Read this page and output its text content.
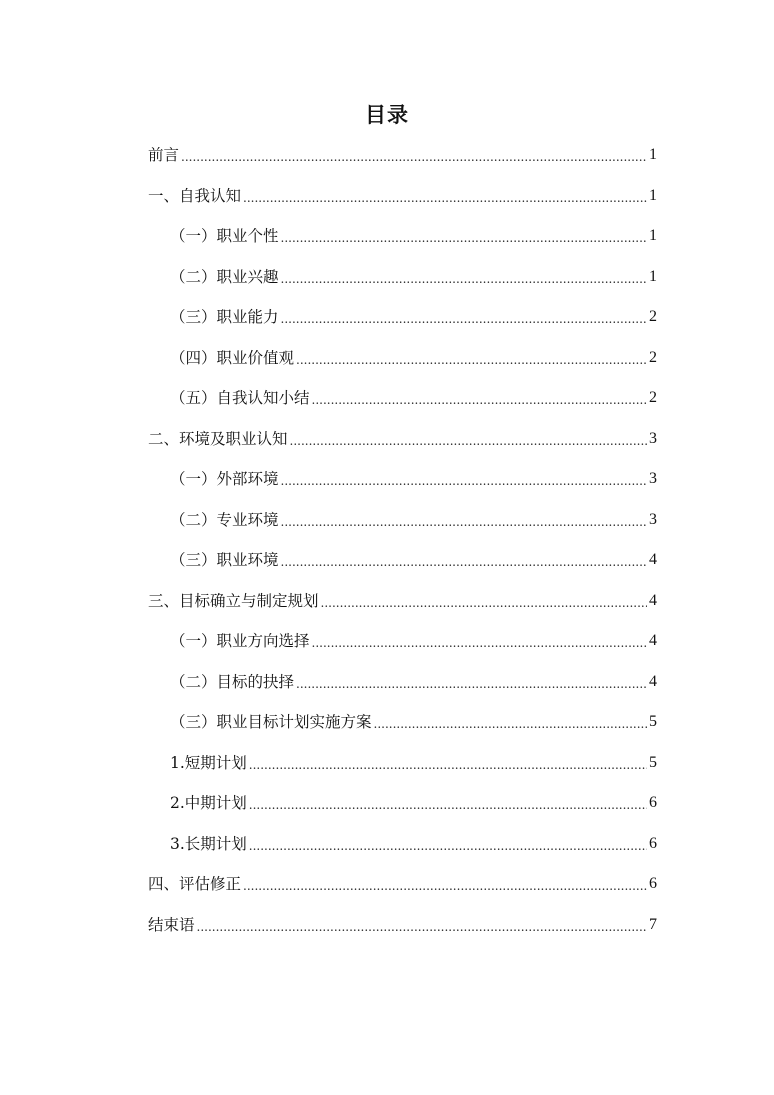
目录
前言 .....	1
一、自我认知 .....	1
（一）职业个性 .....	1
（二）职业兴趣 .....	1
（三）职业能力 .....	2
（四）职业价值观 .....	2
（五）自我认知小结 .....	2
二、环境及职业认知 .....	3
（一）外部环境 .....	3
（二）专业环境 .....	3
（三）职业环境 .....	4
三、目标确立与制定规划 .....	4
（一）职业方向选择 .....	4
（二）目标的抉择 .....	4
（三）职业目标计划实施方案 .....	5
1.短期计划 .....	5
2.中期计划 .....	6
3.长期计划 .....	6
四、评估修正 .....	6
结束语 .....	7
